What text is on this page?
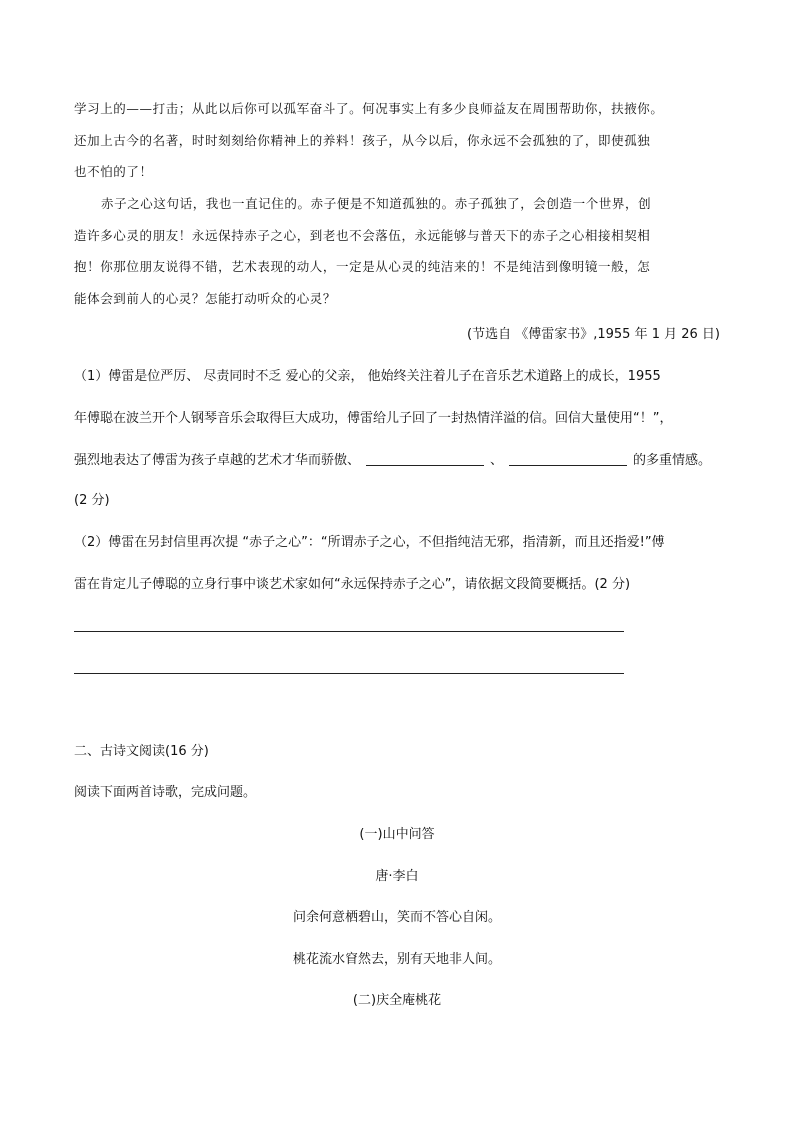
学习上的——打击；从此以后你可以孤军奋斗了。何况事实上有多少良师益友在周围帮助你，扶掖你。
还加上古今的名著，时时刻刻给你精神上的养料！孩子，从今以后，你永远不会孤独的了，即使孤独
也不怕的了！
赤子之心这句话，我也一直记住的。赤子便是不知道孤独的。赤子孤独了，会创造一个世界，创
造许多心灵的朋友！永远保持赤子之心，到老也不会落伍，永远能够与普天下的赤子之心相接相契相
抱！你那位朋友说得不错，艺术表现的动人，一定是从心灵的纯洁来的！不是纯洁到像明镜一般，怎
能体会到前人的心灵？怎能打动听众的心灵？
(节选自 《傅雷家书》,1955 年 1 月 26 日)
（1）傅雷是位严厉、 尽责同时不乏 爱心的父亲， 他始终关注着儿子在音乐艺术道路上的成长，1955
年傅聪在波兰开个人钢琴音乐会取得巨大成功，傅雷给儿子回了一封热情洋溢的信。回信大量使用“！”，
强烈地表达了傅雷为孩子卓越的艺术才华而骄傲、	、	的多重情感。
(2 分)
（2）傅雷在另封信里再次提 “赤子之心”：“所谓赤子之心，不但指纯洁无邪，指清新，而且还指爱!”傅
雷在肯定儿子傅聪的立身行事中谈艺术家如何“永远保持赤子之心”，请依据文段简要概括。(2 分)
二、古诗文阅读(16 分)
阅读下面两首诗歌，完成问题。
(一)山中问答
唐·李白
问余何意栖碧山，笑而不答心自闲。
桃花流水窅然去，别有天地非人间。
(二)庆全庵桃花
